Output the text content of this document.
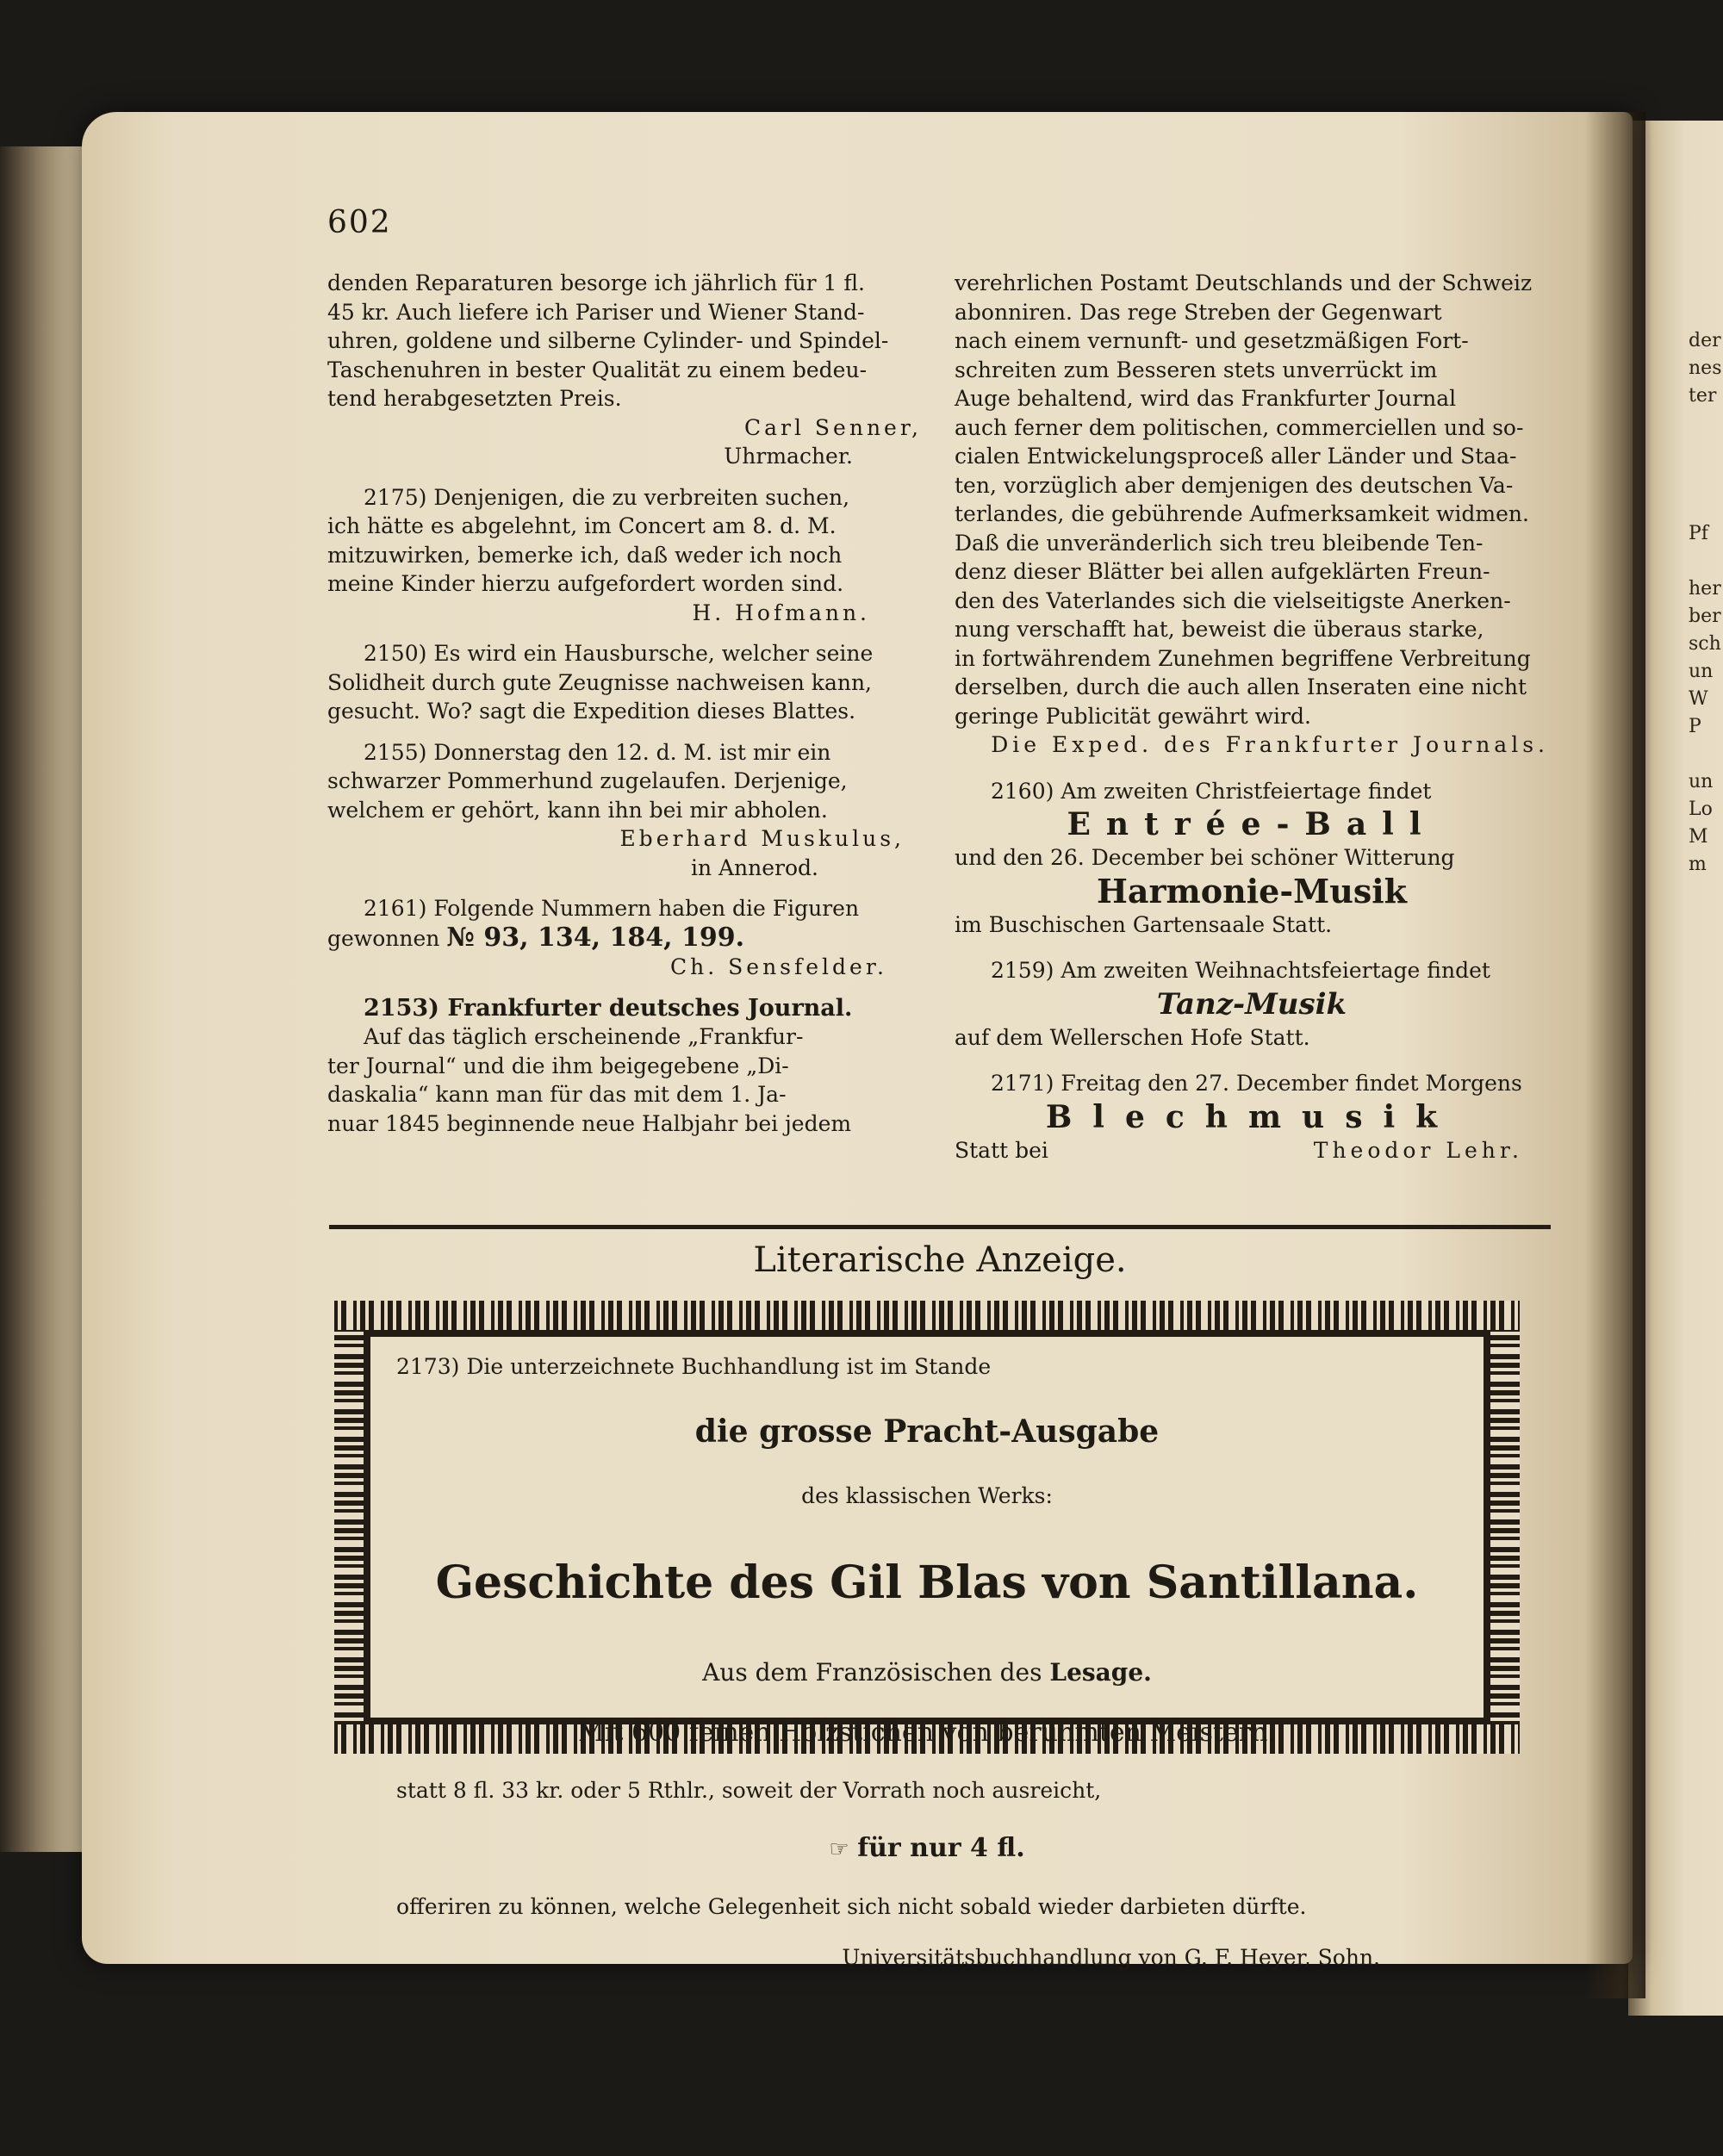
der
nes
ter

Pf

her
ber
sch
un
W
P

un
Lo
M
m
602

denden Reparaturen besorge ich jährlich für 1 fl.

45 kr. Auch liefere ich Pariser und Wiener Stand-

uhren, goldene und silberne Cylinder- und Spindel-

Taschenuhren in bester Qualität zu einem bedeu-

tend herabgesetzten Preis.

Carl Senner,

Uhrmacher.

2175) Denjenigen, die zu verbreiten suchen,

ich hätte es abgelehnt, im Concert am 8. d. M.

mitzuwirken, bemerke ich, daß weder ich noch

meine Kinder hierzu aufgefordert worden sind.

H. Hofmann.

2150) Es wird ein Hausbursche, welcher seine

Solidheit durch gute Zeugnisse nachweisen kann,

gesucht. Wo? sagt die Expedition dieses Blattes.

2155) Donnerstag den 12. d. M. ist mir ein

schwarzer Pommerhund zugelaufen. Derjenige,

welchem er gehört, kann ihn bei mir abholen.

Eberhard Muskulus,

in Annerod.

2161) Folgende Nummern haben die Figuren

gewonnen № 93, 134, 184, 199.

Ch. Sensfelder.

2153) Frankfurter deutsches Journal.

Auf das täglich erscheinende „Frankfur-

ter Journal“ und die ihm beigegebene „Di-

daskalia“ kann man für das mit dem 1. Ja-

nuar 1845 beginnende neue Halbjahr bei jedem

verehrlichen Postamt Deutschlands und der Schweiz

abonniren. Das rege Streben der Gegenwart

nach einem vernunft- und gesetzmäßigen Fort-

schreiten zum Besseren stets unverrückt im

Auge behaltend, wird das Frankfurter Journal

auch ferner dem politischen, commerciellen und so-

cialen Entwickelungsproceß aller Länder und Staa-

ten, vorzüglich aber demjenigen des deutschen Va-

terlandes, die gebührende Aufmerksamkeit widmen.

Daß die unveränderlich sich treu bleibende Ten-

denz dieser Blätter bei allen aufgeklärten Freun-

den des Vaterlandes sich die vielseitigste Anerken-

nung verschafft hat, beweist die überaus starke,

in fortwährendem Zunehmen begriffene Verbreitung

derselben, durch die auch allen Inseraten eine nicht

geringe Publicität gewährt wird.

Die Exped. des Frankfurter Journals.

2160) Am zweiten Christfeiertage findet

Entrée-Ball

und den 26. December bei schöner Witterung

Harmonie-Musik

im Buschischen Gartensaale Statt.

2159) Am zweiten Weihnachtsfeiertage findet

Tanz-Musik

auf dem Wellerschen Hofe Statt.

2171) Freitag den 27. December findet Morgens

Blechmusik

Statt bei	Theodor Lehr.
Literarische Anzeige.

2173) Die unterzeichnete Buchhandlung ist im Stande

die grosse Pracht-Ausgabe

des klassischen Werks:

Geschichte des Gil Blas von Santillana.

Aus dem Französischen des Lesage.

Mit 600 feinen Holzstichen von berühmten Meistern.

statt 8 fl. 33 kr. oder 5 Rthlr., soweit der Vorrath noch ausreicht,

☞ für nur 4 fl.

offeriren zu können, welche Gelegenheit sich nicht sobald wieder darbieten dürfte.

Universitätsbuchhandlung von G. F. Heyer, Sohn.
